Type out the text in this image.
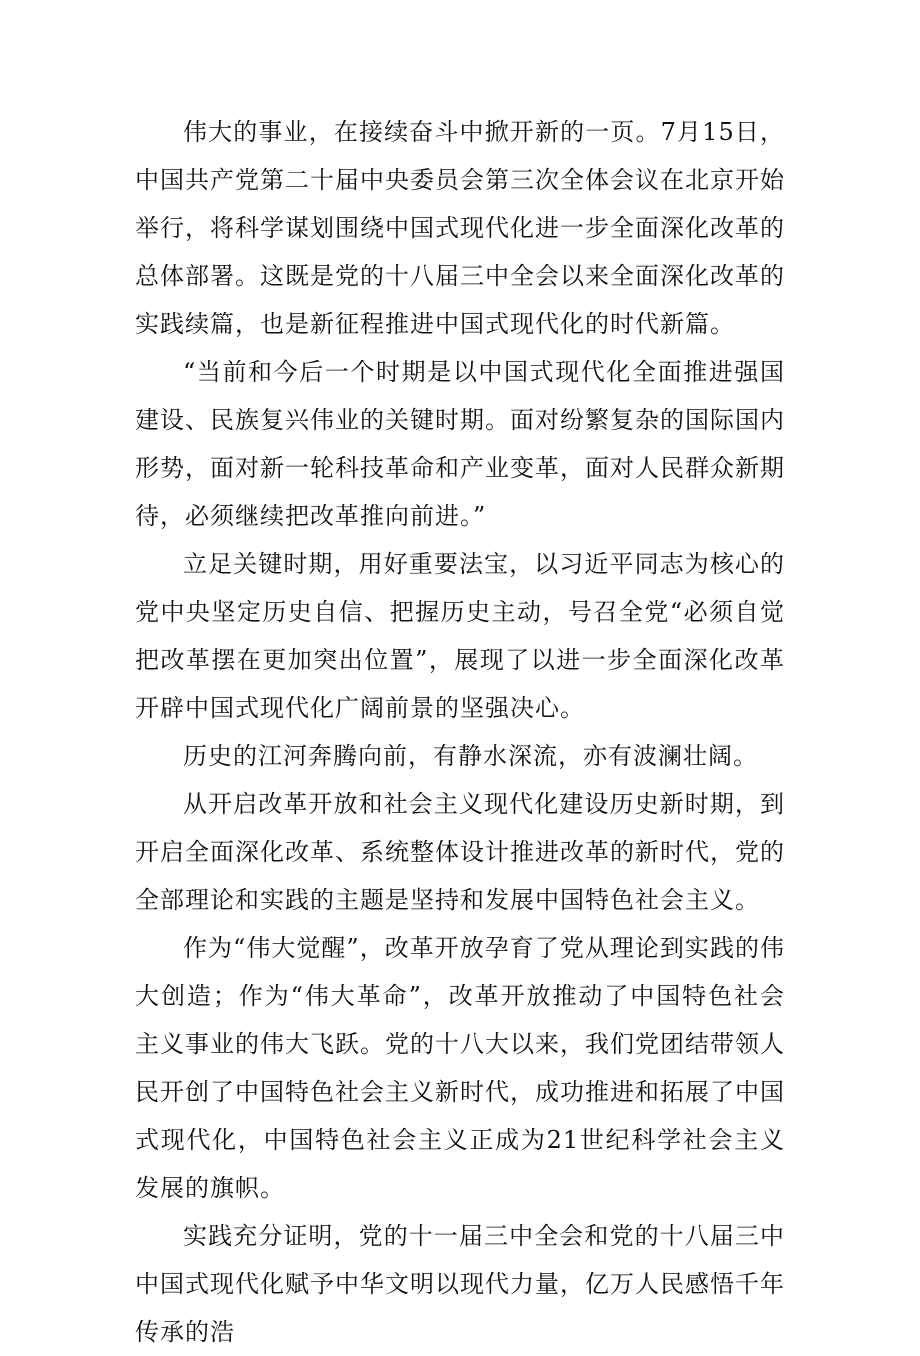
伟大的事业，在接续奋斗中掀开新的一页。7月15日，中国共产党第二十届中央委员会第三次全体会议在北京开始举行，将科学谋划围绕中国式现代化进一步全面深化改革的总体部署。这既是党的十八届三中全会以来全面深化改革的实践续篇，也是新征程推进中国式现代化的时代新篇。

“当前和今后一个时期是以中国式现代化全面推进强国建设、民族复兴伟业的关键时期。面对纷繁复杂的国际国内形势，面对新一轮科技革命和产业变革，面对人民群众新期待，必须继续把改革推向前进。”

立足关键时期，用好重要法宝，以习近平同志为核心的党中央坚定历史自信、把握历史主动，号召全党“必须自觉把改革摆在更加突出位置”，展现了以进一步全面深化改革开辟中国式现代化广阔前景的坚强决心。

历史的江河奔腾向前，有静水深流，亦有波澜壮阔。

从开启改革开放和社会主义现代化建设历史新时期，到开启全面深化改革、系统整体设计推进改革的新时代，党的全部理论和实践的主题是坚持和发展中国特色社会主义。

作为“伟大觉醒”，改革开放孕育了党从理论到实践的伟大创造；作为“伟大革命”，改革开放推动了中国特色社会主义事业的伟大飞跃。党的十八大以来，我们党团结带领人民开创了中国特色社会主义新时代，成功推进和拓展了中国式现代化，中国特色社会主义正成为21世纪科学社会主义发展的旗帜。

实践充分证明，党的十一届三中全会和党的十八届三中中国式现代化赋予中华文明以现代力量，亿万人民感悟千年传承的浩
